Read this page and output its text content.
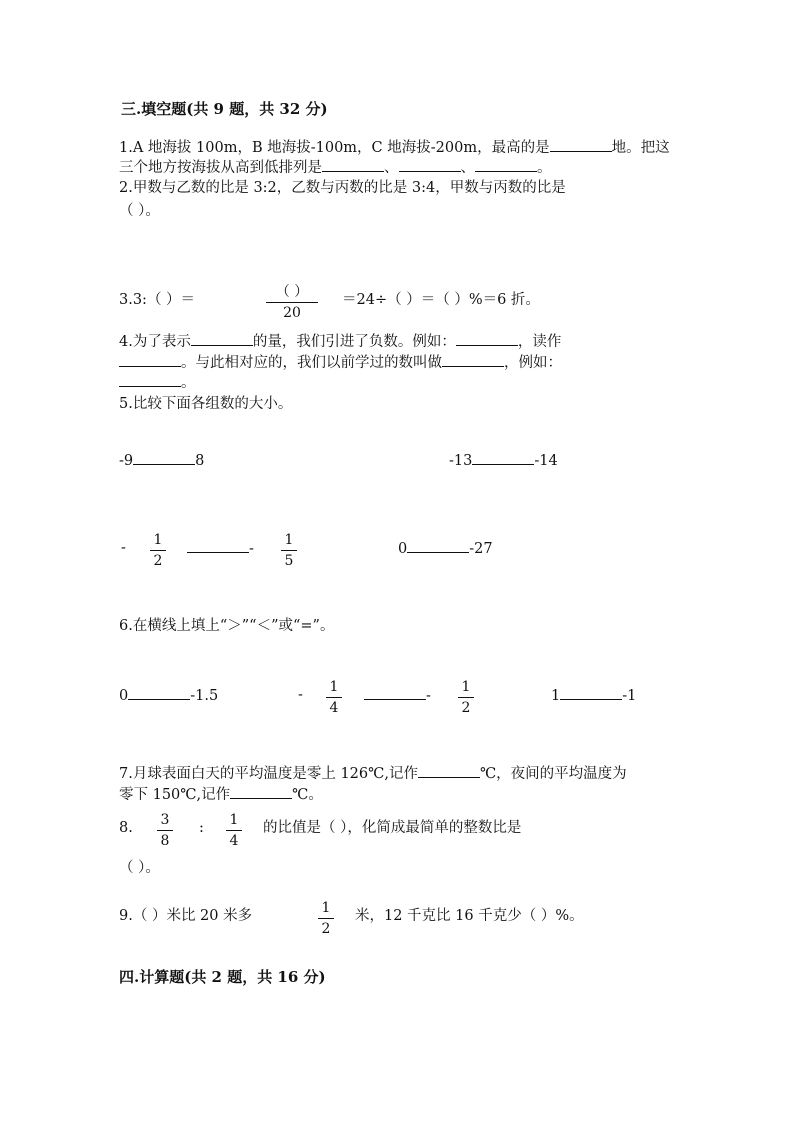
三.填空题(共 9 题，共 32 分)
1.A 地海拔 100m，B 地海拔-100m，C 地海拔-200m，最高的是	地。把这
三个地方按海拔从高到低排列是	、	、	。
2.甲数与乙数的比是 3:2，乙数与丙数的比是 3:4，甲数与丙数的比是
（ ）。
3.3:（ ）＝	（ ）
20
＝24÷（ ）＝（ ）%＝6 折。
4.为了表示	的量，我们引进了负数。例如：	，读作
。与此相对应的，我们以前学过的数叫做	，例如：
。
5.比较下面各组数的大小。
-9	8	-13	-14
- 1
2
-
1
5
0	-27
6.在横线上填上“＞”“＜”或“=”。
0	-1.5	- 1
4
-
1
2
1	-1
7.月球表面白天的平均温度是零上 126℃,记作	℃，夜间的平均温度为
零下 150℃,记作	℃。
8. 3
8
: 1
4
的比值是（ ），化简成最简单的整数比是
（ ）。
9.（ ）米比 20 米多	1
2
米，12 千克比 16 千克少（ ）%。
四.计算题(共 2 题，共 16 分)
